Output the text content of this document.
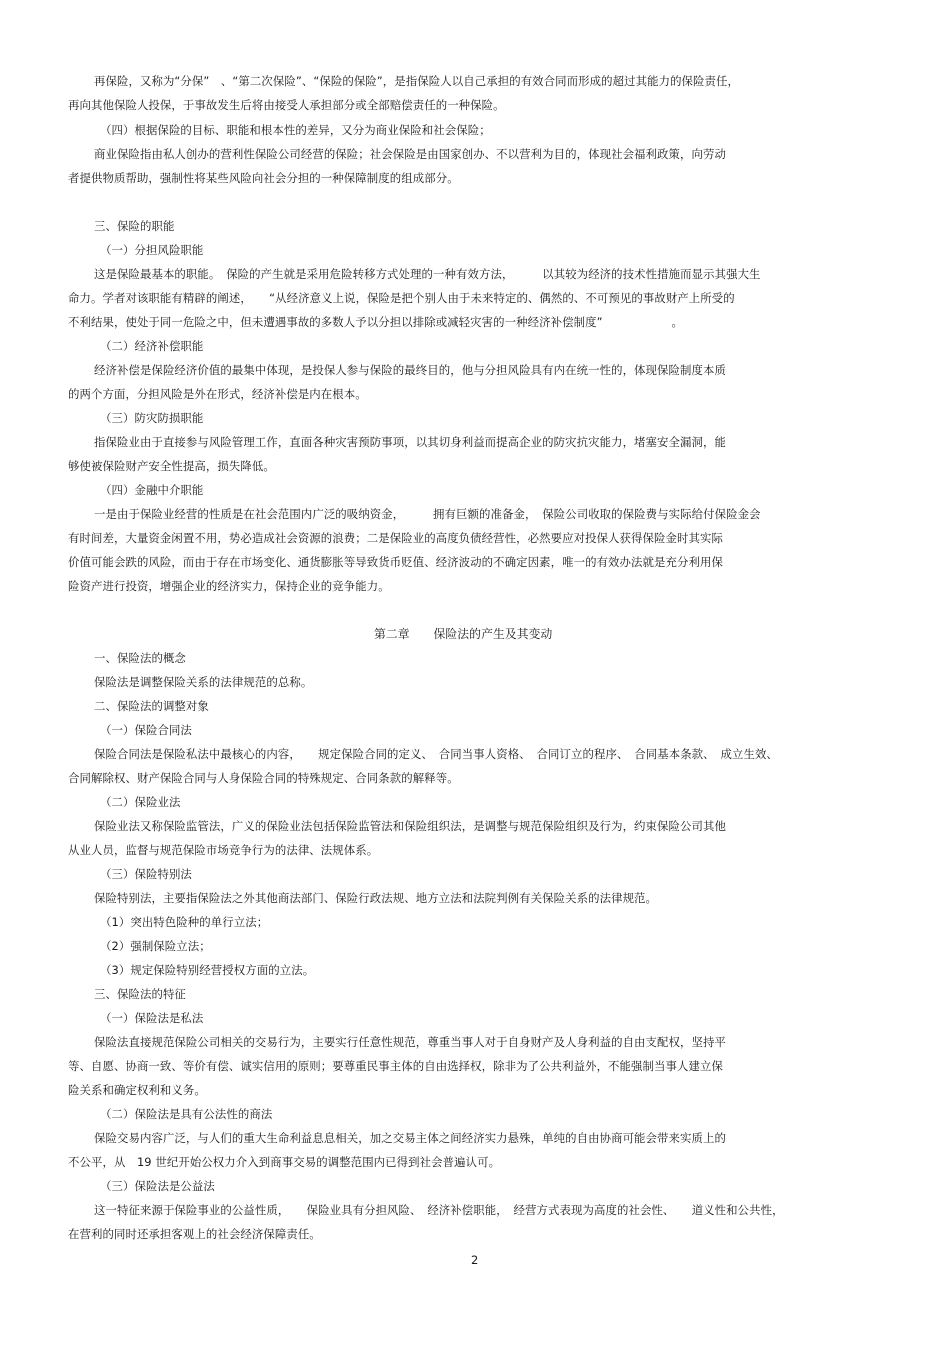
再保险，又称为“分保”　、“第二次保险”、“保险的保险”，是指保险人以自己承担的有效合同而形成的超过其能力的保险责任，

再向其他保险人投保，于事故发生后将由接受人承担部分或全部赔偿责任的一种保险。

（四）根据保险的目标、职能和根本性的差异，又分为商业保险和社会保险；

商业保险指由私人创办的营利性保险公司经营的保险；社会保险是由国家创办、不以营利为目的，体现社会福利政策，向劳动

者提供物质帮助，强制性将某些风险向社会分担的一种保障制度的组成部分。

三、保险的职能

（一）分担风险职能

这是保险最基本的职能。　保险的产生就是采用危险转移方式处理的一种有效方法，　　　以其较为经济的技术性措施而显示其强大生

命力。学者对该职能有精辟的阐述，　　“从经济意义上说，保险是把个别人由于未来特定的、偶然的、不可预见的事故财产上所受的

不利结果，使处于同一危险之中，但未遭遇事故的多数人予以分担以排除或减轻灾害的一种经济补偿制度”　　　　　　。

（二）经济补偿职能

经济补偿是保险经济价值的最集中体现，是投保人参与保险的最终目的，他与分担风险具有内在统一性的，体现保险制度本质

的两个方面，分担风险是外在形式，经济补偿是内在根本。

（三）防灾防损职能

指保险业由于直接参与风险管理工作，直面各种灾害预防事项，以其切身利益而提高企业的防灾抗灾能力，堵塞安全漏洞，能

够使被保险财产安全性提高，损失降低。

（四）金融中介职能

一是由于保险业经营的性质是在社会范围内广泛的吸纳资金，　　　拥有巨额的准备金，　保险公司收取的保险费与实际给付保险金会

有时间差，大量资金闲置不用，势必造成社会资源的浪费；二是保险业的高度负债经营性，必然要应对投保人获得保险金时其实际

价值可能会跌的风险，而由于存在市场变化、通货膨胀等导致货币贬值、经济波动的不确定因素，唯一的有效办法就是充分利用保

险资产进行投资，增强企业的经济实力，保持企业的竞争能力。

第二章　　保险法的产生及其变动

一、保险法的概念

保险法是调整保险关系的法律规范的总称。

二、保险法的调整对象

（一）保险合同法

保险合同法是保险私法中最核心的内容，　　规定保险合同的定义、　合同当事人资格、　合同订立的程序、　合同基本条款、　成立生效、

合同解除权、财产保险合同与人身保险合同的特殊规定、合同条款的解释等。

（二）保险业法

保险业法又称保险监管法，广义的保险业法包括保险监管法和保险组织法，是调整与规范保险组织及行为，约束保险公司其他

从业人员，监督与规范保险市场竞争行为的法律、法规体系。

（三）保险特别法

保险特别法，主要指保险法之外其他商法部门、保险行政法规、地方立法和法院判例有关保险关系的法律规范。

（1）突出特色险种的单行立法；

（2）强制保险立法；

（3）规定保险特别经营授权方面的立法。

三、保险法的特征

（一）保险法是私法

保险法直接规范保险公司相关的交易行为，主要实行任意性规范，尊重当事人对于自身财产及人身利益的自由支配权，坚持平

等、自愿、协商一致、等价有偿、诚实信用的原则；要尊重民事主体的自由选择权，除非为了公共利益外，不能强制当事人建立保

险关系和确定权利和义务。

（二）保险法是具有公法性的商法

保险交易内容广泛，与人们的重大生命利益息息相关，加之交易主体之间经济实力悬殊，单纯的自由协商可能会带来实质上的

不公平，从　19 世纪开始公权力介入到商事交易的调整范围内已得到社会普遍认可。

（三）保险法是公益法

这一特征来源于保险事业的公益性质，　　保险业具有分担风险、　经济补偿职能，　经营方式表现为高度的社会性、　　道义性和公共性，

在营利的同时还承担客观上的社会经济保障责任。

2
